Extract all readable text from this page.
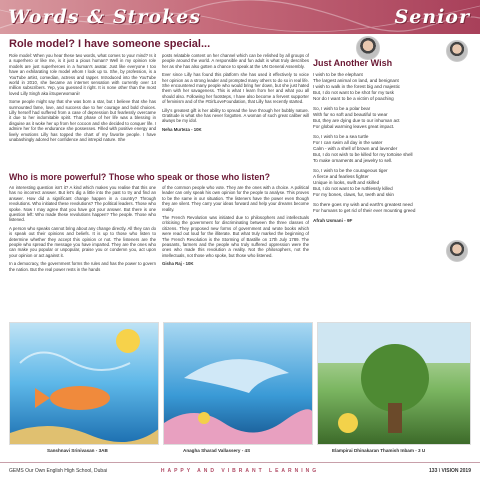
Words & Strokes	Senior
Role model? I have someone special...

Role model: When you hear these two words, what comes to your mind? Is it a superhero or like me, is it just a pious human? Well in my opinion role models are just superheroes in a human's avatar. Just like everyone I too have an exhilarating role model whom I look up to. She, by profession, is a YouTube artist, comedian, actress and rapper. Introduced into the YouTube world in 2010, she became an internet sensation with currently over 14 million subscribers. Yep, you guessed it right. It is none other than the most loved Lilly Singh aka iiSuperwomanii!

Some people might say that she was born a star, but I believe that she has surmounted fame, love, and success due to her courage and bold choices. Lilly herself had suffered from a case of depression but fearlessly overcame it due to her indomitable spirit. That phase of her life was a blessing in disguise as it woke her up from her cocoon and she decided to conquer life. I admire her for the endurance she possesses. Filled with positive energy and lively emotions Lilly has topped the chart of my favorite people. I have unabashingly adored her confidence and intrepid nature. She

posts relatable content on her channel which can be relished by all groups of people around the world. A responsible and fun adult is what truly describes her as she has also gotten a chance to speak at the UN General Assembly.

Ever since Lilly has found this platform she has used it effectively to voice her opinion as a strong leader and prompted many others to do so in real life. She encountered many people who would bring her down, but she just hated them with her savageness. This is what I learn from her and what you all should also. Following her footsteps, I have also become a fervent supporter of feminism and of the #GirlLoveFoundation, that Lilly has recently started.

Lilly's greatest gift is her ability to spread the love through her bubbly nature. Gratitude is what she has never forgotten. A woman of such great caliber will always be my idol.

Neha Murteza - 10K

Who is more powerful? Those who speak or those who listen?

An interesting question isn't it? A kind which makes you realise that this one has no incorrect answer. But let's dig a little into the past to try and find an answer. How did a significant change happen in a country? Through revolutions. Who initiated these revolutions? The political leaders. Those who spoke. Now I may agree that you have got your answer. But there is one question left: Who made these revolutions happen? The people. Those who listened.

A person who speaks cannot bring about any change directly. All they can do is speak out their opinions and beliefs. It is up to those who listen to determine whether they accept this opinion or not. The listeners are the people who spread the message you have imparted. They are the ones who can make you popular or unpopular, praise you or condemn you, act upon your opinion or act against it.

In a democracy, the government forms the rules and has the power to govern the nation. But the real power rests in the hands

of the common people who vote. They are the ones with a choice. A political leader can only speak his own opinion for the people to analyse. This proves to be the same in our situation. The listeners have the power even though they are silent. They carry your ideas forward and help your dreams become reality.

The French Revolution was initiated due to philosophers and intellectuals criticising the government for discriminating between the three classes of citizens. They proposed new forms of government and wrote books which were read out loud for the illiterate. But what truly marked the beginning of The French Revolution is the Storming of Bastille on 17th July 1789. The peasants, farmers and the people who truly suffered oppression were the ones who made this revolution a reality. Not the philosophers, not the intellectuals, not those who spoke, but those who listened.

Gisha Raj - 10K

Just Another Wish

I wish to be the elephant
The largest animal on land, and benignant
I wish to walk in the forest big and majestic
But, I do not want to be shot for my tusk
Nor do I want to be a victim of poaching

So, I wish to be a polar bear
With fur so soft and beautiful to wear
But, they are dying due to our inhuman act
For global warming leaves great impact.

So, I wish to be a sea turtle
For I can swim all day in the water
Calm - with a shell of brown and lavender
But, I do not wish to be killed for my tortoise shell
To make ornaments and jewelry to sell.

So, I wish to be the courageous tiger
A fierce and fearless fighter
Unique in looks, swift and skilled
But, I do not want to be ruthlessly killed
For my bones, claws, fur, teeth and skin

So there goes my wish and earth's greatest need
For humans to get rid of their ever mounting greed

Afrah Usmani - 9F

Sanshnavi Srinivasan - 3AB	Anagha Sharad Vallassery - 4S	Elampirai Dhinakaran Thamish Inbam - 3 U
GEMS Our Own English High School, Dubai	HAPPY AND VIBRANT LEARNING	133 \ VISION 2019
